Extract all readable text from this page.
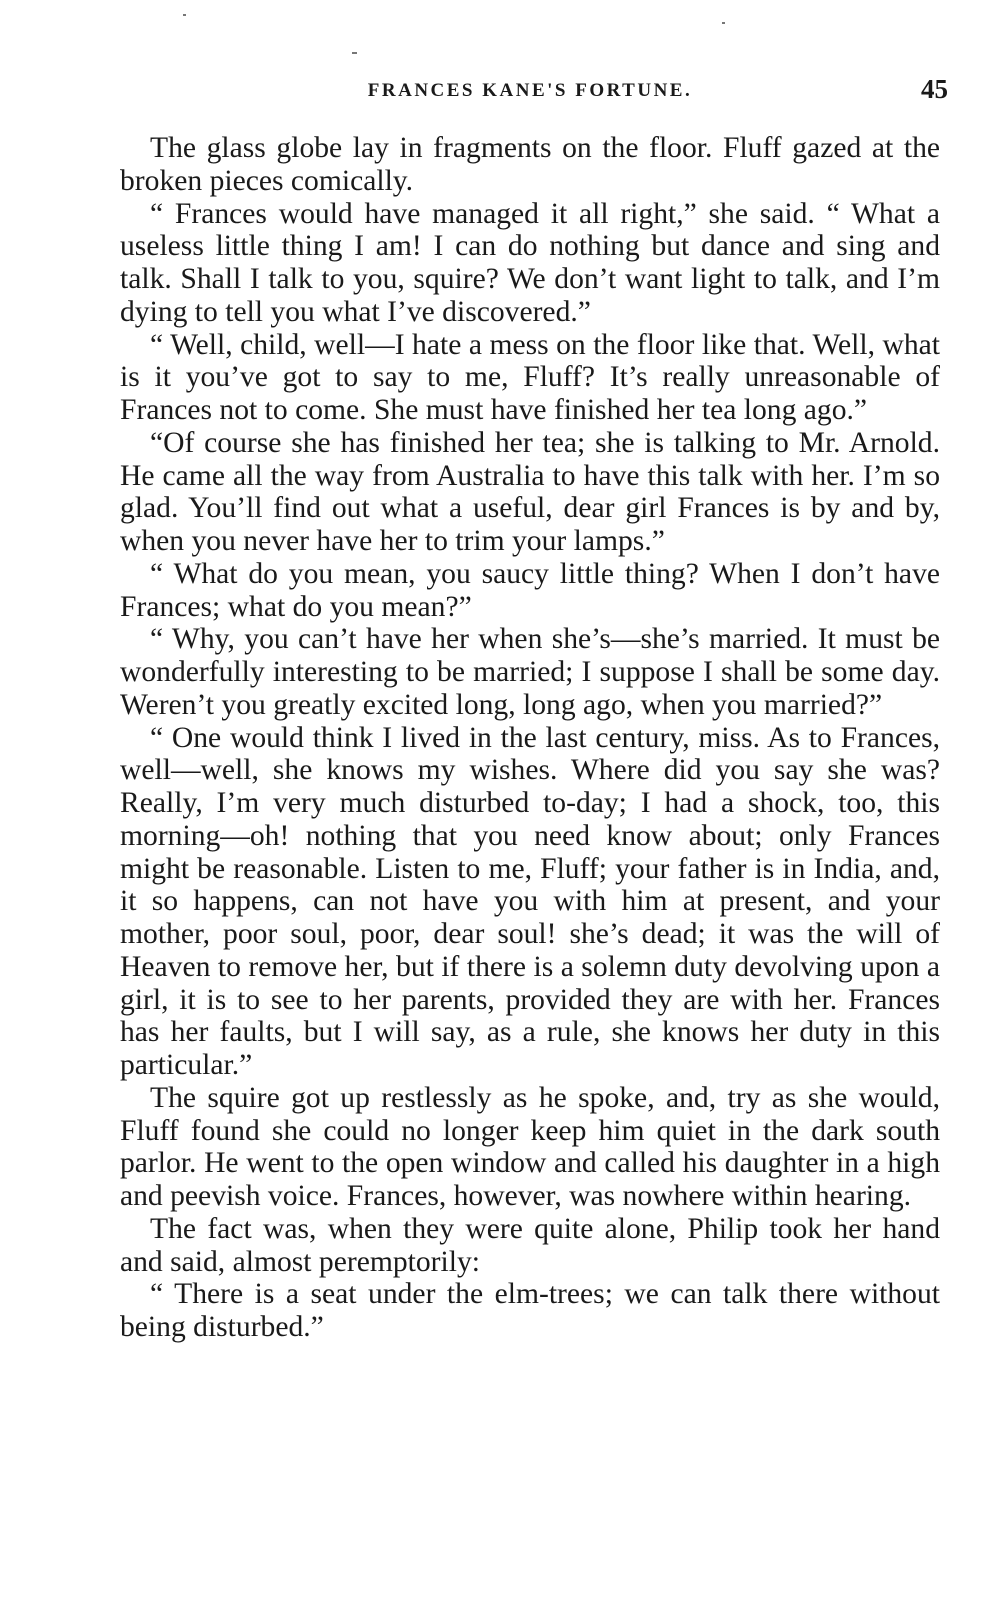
FRANCES KANE'S FORTUNE.	45

The glass globe lay in fragments on the floor. Fluff gazed at the broken pieces comically.

“ Frances would have managed it all right,” she said. “ What a useless little thing I am! I can do nothing but dance and sing and talk. Shall I talk to you, squire? We don’t want light to talk, and I’m dying to tell you what I’ve discovered.”

“ Well, child, well—I hate a mess on the floor like that. Well, what is it you’ve got to say to me, Fluff? It’s really unreasonable of Frances not to come. She must have finished her tea long ago.”

“Of course she has finished her tea; she is talking to Mr. Arnold. He came all the way from Australia to have this talk with her. I’m so glad. You’ll find out what a useful, dear girl Frances is by and by, when you never have her to trim your lamps.”

“ What do you mean, you saucy little thing? When I don’t have Frances; what do you mean?”

“ Why, you can’t have her when she’s—she’s married. It must be wonderfully interesting to be married; I suppose I shall be some day. Weren’t you greatly excited long, long ago, when you married?”

“ One would think I lived in the last century, miss. As to Frances, well—well, she knows my wishes. Where did you say she was? Really, I’m very much disturbed to-day; I had a shock, too, this morning—oh! nothing that you need know about; only Frances might be reasonable. Listen to me, Fluff; your father is in India, and, it so happens, can not have you with him at present, and your mother, poor soul, poor, dear soul! she’s dead; it was the will of Heaven to remove her, but if there is a solemn duty devolving upon a girl, it is to see to her parents, provided they are with her. Frances has her faults, but I will say, as a rule, she knows her duty in this particular.”

The squire got up restlessly as he spoke, and, try as she would, Fluff found she could no longer keep him quiet in the dark south parlor. He went to the open window and called his daughter in a high and peevish voice. Frances, however, was nowhere within hearing.

The fact was, when they were quite alone, Philip took her hand and said, almost peremptorily:

“ There is a seat under the elm-trees; we can talk there without being disturbed.”
